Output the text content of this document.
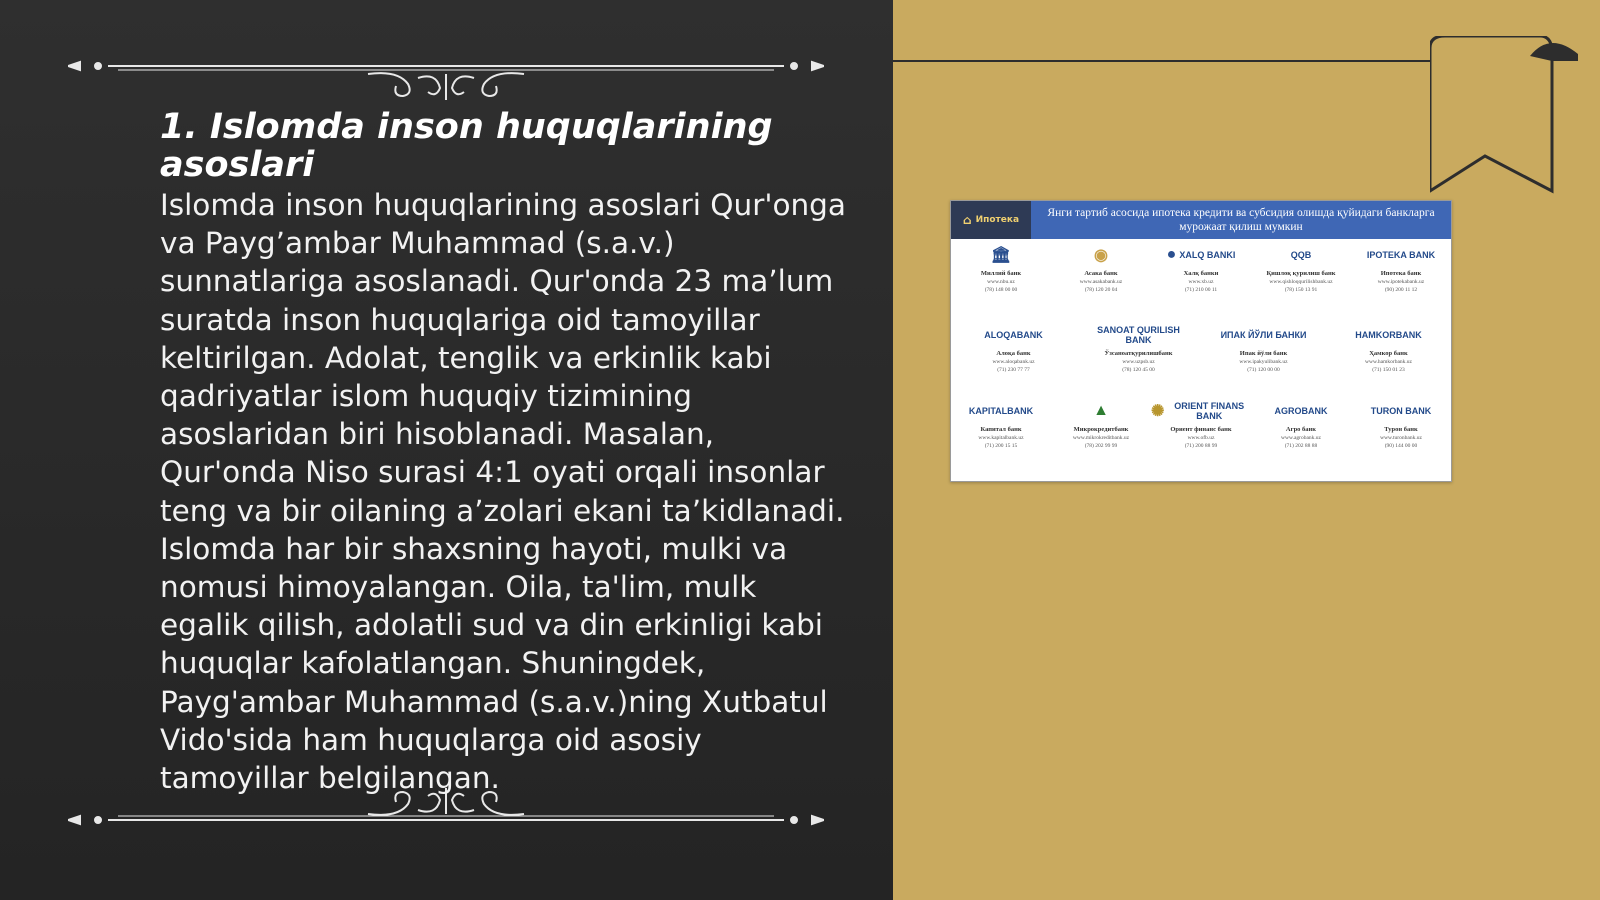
1. Islomda inson huquqlarining asoslari

Islomda inson huquqlarining asoslari Qur'onga va Payg’ambar Muhammad (s.a.v.) sunnatlariga asoslanadi. Qur'onda 23 ma’lum suratda inson huquqlariga oid tamoyillar keltirilgan. Adolat, tenglik va erkinlik kabi qadriyatlar islom huquqiy tizimining asoslaridan biri hisoblanadi. Masalan, Qur'onda Niso surasi 4:1 oyati orqali insonlar teng va bir oilaning a’zolari ekani ta’kidlanadi. Islomda har bir shaxsning hayoti, mulki va nomusi himoyalangan. Oila, ta'lim, mulk egalik qilish, adolatli sud va din erkinligi kabi huquqlar kafolatlangan. Shuningdek, Payg'ambar Muhammad (s.a.v.)ning Xutbatul Vido'sida ham huquqlarga oid asosiy tamoyillar belgilangan.

⌂ Ипотека
Янги тартиб асосида ипотека кредити ва субсидия олишда қуйидаги банкларга мурожаат қилиш мумкин
🏛
Миллий банк
www.nbu.uz
(78) 148 00 00
◉
Асака банк
www.asakabank.uz
(78) 120 20 04
● XALQ BANKI
Халқ банки
www.xb.uz
(71) 210 00 11
QQB
Қишлоқ қурилиш банк
www.qishloqqurilishbank.uz
(78) 150 13 91
IPOTEKA BANK
Ипотека банк
www.ipotekabank.uz
(90) 200 11 12
ALOQABANK
Алоқа банк
www.aloqabank.uz
(71) 230 77 77
SANOAT QURILISH BANK
Ўзсаноатқурилишбанк
www.uzpsb.uz
(78) 120 45 00
ИПАК ЙЎЛИ БАНКИ
Ипак йўли банк
www.ipakyulibank.uz
(71) 120 00 00
HAMKORBANK
Ҳамкор банк
www.hamkorbank.uz
(71) 150 01 23
KAPITALBANK
Капитал банк
www.kapitalbank.uz
(71) 200 15 15
▲
Микрокредитбанк
www.mikrokreditbank.uz
(78) 202 99 99
✺	ORIENT FINANS BANK
Ориент финанс банк
www.ofb.uz
(71) 200 88 99
AGROBANK
Агро банк
www.agrobank.uz
(71) 202 88 88
TURON BANK
Турон банк
www.turonbank.uz
(90) 144 00 00
